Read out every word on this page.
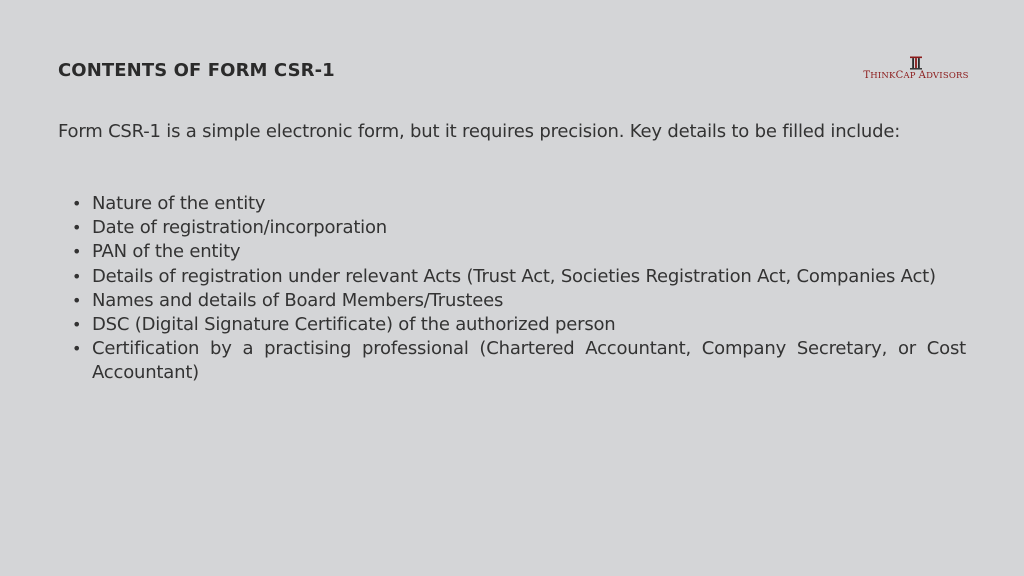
CONTENTS OF FORM CSR-1	THINKCAP ADVISORS

Form CSR-1 is a simple electronic form, but it requires precision. Key details to be filled include:

• Nature of the entity
• Date of registration/incorporation
• PAN of the entity
• Details of registration under relevant Acts (Trust Act, Societies Registration Act, Companies Act)
• Names and details of Board Members/Trustees
• DSC (Digital Signature Certificate) of the authorized person
• Certification by a practising professional (Chartered Accountant, Company Secretary, or Cost Accountant)
